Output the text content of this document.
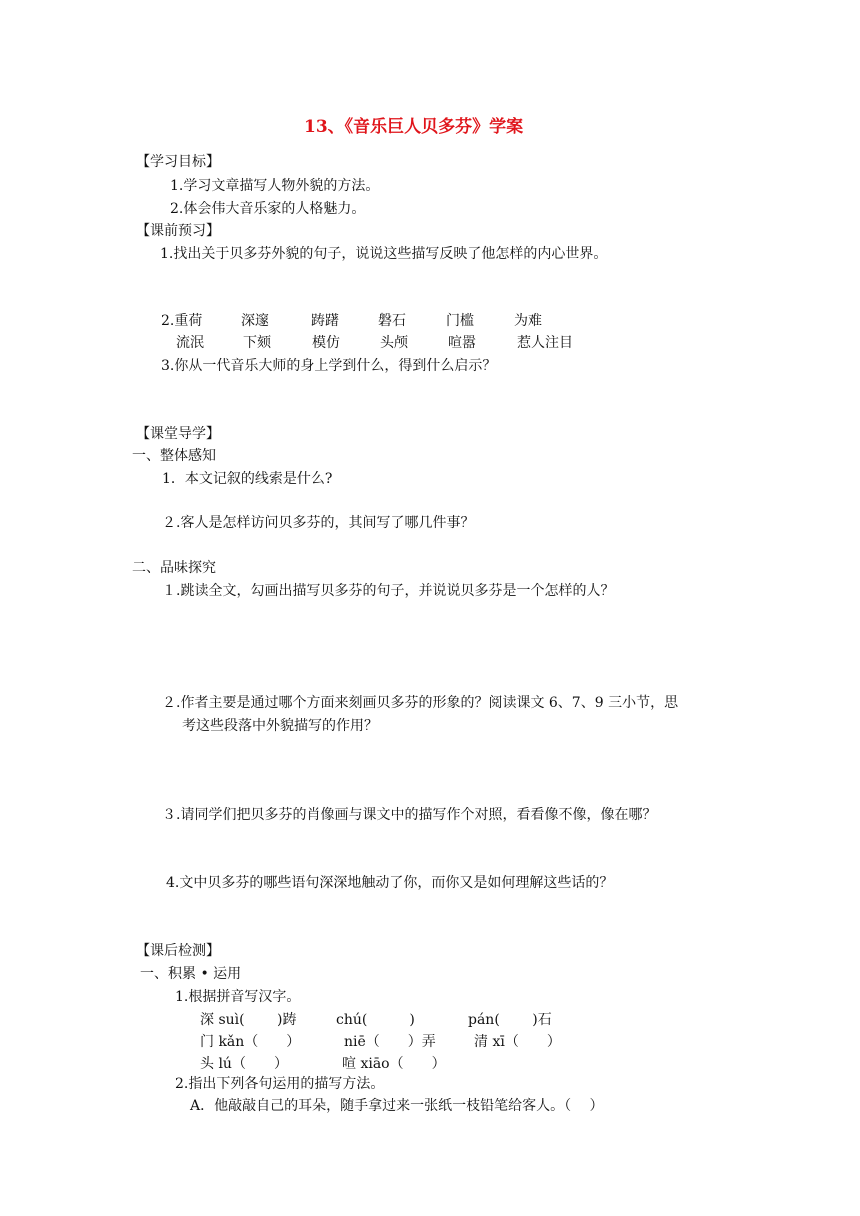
13、《音乐巨人贝多芬》学案
【学习目标】
1.学习文章描写人物外貌的方法。
2.体会伟大音乐家的人格魅力。
【课前预习】
1.找出关于贝多芬外貌的句子，说说这些描写反映了他怎样的内心世界。
2.重荷	深邃	踌躇	磐石	门槛	为难
流泯	下颏	模仿	头颅	喧嚣	惹人注目
3.你从一代音乐大师的身上学到什么，得到什么启示？
【课堂导学】
一、整体感知
1．本文记叙的线索是什么?
２.客人是怎样访问贝多芬的，其间写了哪几件事？
二、品味探究
１.跳读全文，勾画出描写贝多芬的句子，并说说贝多芬是一个怎样的人？
２.作者主要是通过哪个方面来刻画贝多芬的形象的？阅读课文 6、7、9 三小节，思
考这些段落中外貌描写的作用？
３.请同学们把贝多芬的肖像画与课文中的描写作个对照，看看像不像，像在哪？
4.文中贝多芬的哪些语句深深地触动了你，而你又是如何理解这些话的？
【课后检测】
一、积累 • 运用
1.根据拼音写汉字。
深 suì(　　 )踌	chú(　　　)	pán(　　 )石
门 kǎn（　　）	niē（　　）弄	清 xī（　　）
头 lú（　　）	喧 xiāo（　　）
2.指出下列各句运用的描写方法。
A．他敲敲自己的耳朵，随手拿过来一张纸一枝铅笔给客人。（　 ）
